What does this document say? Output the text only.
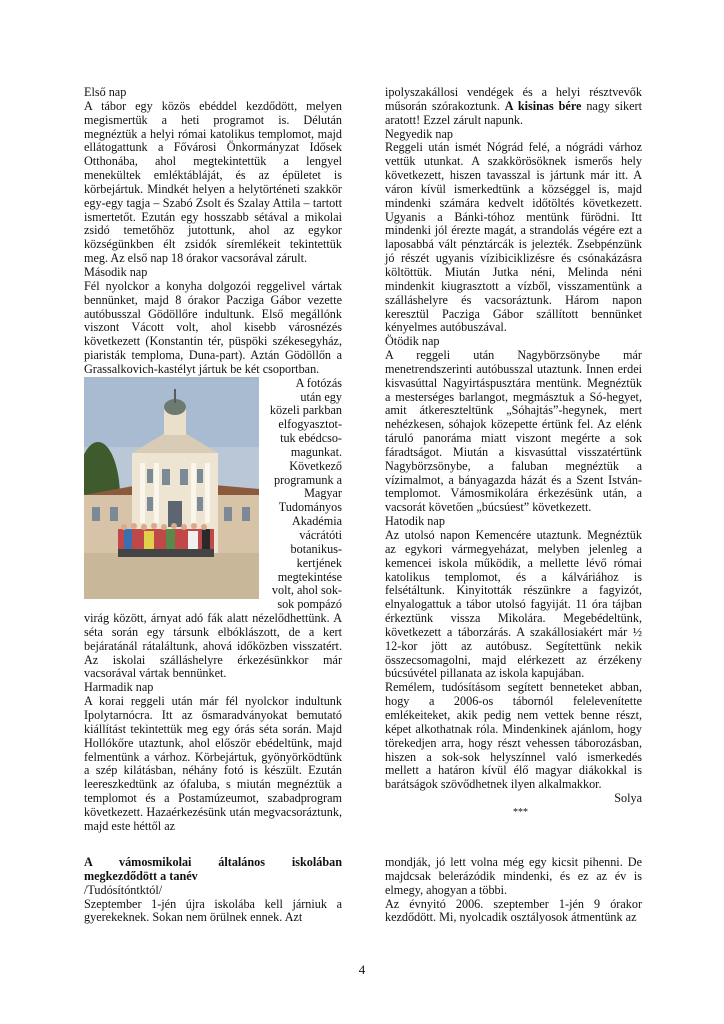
Első nap

A tábor egy közös ebéddel kezdődött, melyen megismertük a heti programot is. Délután megnéztük a helyi római katolikus templomot, majd ellátogattunk a Fővárosi Önkormányzat Idősek Otthonába, ahol megtekintettük a lengyel menekültek emléktábláját, és az épületet is körbejártuk. Mindkét helyen a helytörténeti szakkör egy-egy tagja – Szabó Zsolt és Szalay Attila – tartott ismertetőt. Ezután egy hosszabb sétával a mikolai zsidó temetőhöz jutottunk, ahol az egykor községünkben élt zsidók síremlékeit tekintettük meg. Az első nap 18 órakor vacsorával zárult.

Második nap

Fél nyolckor a konyha dolgozói reggelivel vártak bennünket, majd 8 órakor Pacziga Gábor vezette autóbusszal Gödöllőre indultunk. Első megállónk viszont Vácott volt, ahol kisebb városnézés következett (Konstantin tér, püspöki székesegyház, piaristák temploma, Duna-part). Aztán Gödöllőn a Grassalkovich-kastélyt jártuk be két csoportban.

A fotózás
után egy
közeli parkban
elfogyasztot-
tuk ebédcso-
magunkat.
Következő
programunk a
Magyar
Tudományos
Akadémia
vácrátóti
botanikus-
kertjének
megtekintése
volt, ahol sok-
sok pompázó

virág között, árnyat adó fák alatt nézelődhettünk. A séta során egy társunk elbóklászott, de a kert bejáratánál rátaláltunk, ahová időközben visszatért. Az iskolai szálláshelyre érkezésünkkor már vacsorával vártak bennünket.

Harmadik nap

A korai reggeli után már fél nyolckor indultunk Ipolytarnócra. Itt az ősmaradványokat bemutató kiállítást tekintettük meg egy órás séta során. Majd Hollókőre utaztunk, ahol először ebédeltünk, majd felmentünk a várhoz. Körbejártuk, gyönyörködtünk a szép kilátásban, néhány fotó is készült. Ezután leereszkedtünk az ófaluba, s miután megnéztük a templomot és a Postamúzeumot, szabadprogram következett. Hazaérkezésünk után megvacsoráztunk, majd este héttől az

ipolyszakállosi vendégek és a helyi résztvevők műsorán szórakoztunk. A kisinas bére nagy sikert aratott! Ezzel zárult napunk.

Negyedik nap

Reggeli után ismét Nógrád felé, a nógrádi várhoz vettük utunkat. A szakkörösöknek ismerős hely következett, hiszen tavasszal is jártunk már itt. A váron kívül ismerkedtünk a községgel is, majd mindenki számára kedvelt időtöltés következett. Ugyanis a Bánki-tóhoz mentünk fürödni. Itt mindenki jól érezte magát, a strandolás végére ezt a laposabbá vált pénztárcák is jelezték. Zsebpénzünk jó részét ugyanis vízibiciklizésre és csónakázásra költöttük. Miután Jutka néni, Melinda néni mindenkit kiugrasztott a vízből, visszamentünk a szálláshelyre és vacsoráztunk. Három napon keresztül Pacziga Gábor szállított bennünket kényelmes autóbuszával.

Ötödik nap

A reggeli után Nagybörzsönybe már menetrendszerinti autóbusszal utaztunk. Innen erdei kisvasúttal Nagyirtáspusztára mentünk. Megnéztük a mesterséges barlangot, megmásztuk a Só-hegyet, amit átkereszteltünk „Sóhajtás”-hegynek, mert nehézkesen, sóhajok közepette értünk fel. Az elénk táruló panoráma miatt viszont megérte a sok fáradtságot. Miután a kisvasúttal visszatértünk Nagybörzsönybe, a faluban megnéztük a vízimalmot, a bányagazda házát és a Szent István-templomot. Vámosmikolára érkezésünk után, a vacsorát követően „búcsúest” következett.

Hatodik nap

Az utolsó napon Kemencére utaztunk. Megnéztük az egykori vármegyeházat, melyben jelenleg a kemencei iskola működik, a mellette lévő római katolikus templomot, és a kálváriához is felsétáltunk. Kinyitották részünkre a fagyizót, elnyalogattuk a tábor utolsó fagyiját. 11 óra tájban érkeztünk vissza Mikolára. Megebédeltünk, következett a táborzárás. A szakállosiakért már ½ 12-kor jött az autóbusz. Segítettünk nekik összecsomagolni, majd elérkezett az érzékeny búcsúvétel pillanata az iskola kapujában.

Remélem, tudósításom segített benneteket abban, hogy a 2006-os tábornól felelevenítette emlékeiteket, akik pedig nem vettek benne részt, képet alkothatnak róla. Mindenkinek ajánlom, hogy törekedjen arra, hogy részt vehessen táborozásban, hiszen a sok-sok helyszínnel való ismerkedés mellett a határon kívül élő magyar diákokkal is barátságok szövődhetnek ilyen alkalmakkor.

Solya

***

A vámosmikolai általános iskolában

megkezdődött a tanév

/Tudósítóntktól/

Szeptember 1-jén újra iskolába kell járniuk a gyerekeknek. Sokan nem örülnek ennek. Azt

mondják, jó lett volna még egy kicsit pihenni. De majdcsak belerázódik mindenki, és ez az év is elmegy, ahogyan a többi.

Az évnyitó 2006. szeptember 1-jén 9 órakor kezdődött. Mi, nyolcadik osztályosok átmentünk az

4
